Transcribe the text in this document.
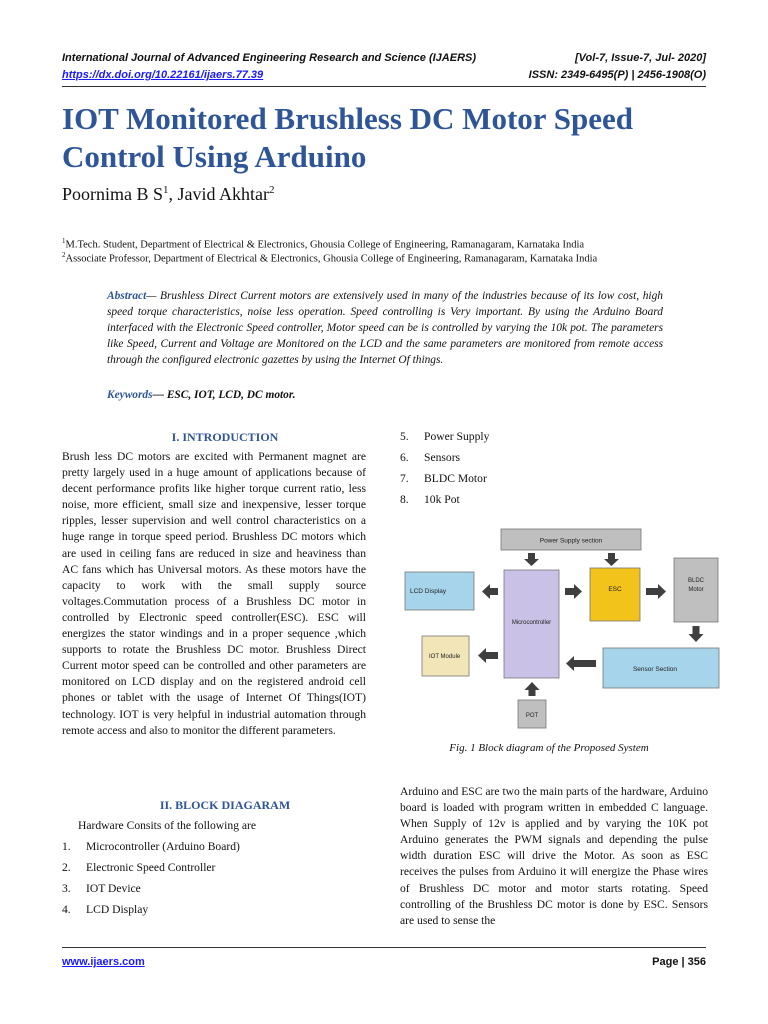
International Journal of Advanced Engineering Research and Science (IJAERS)	[Vol-7, Issue-7, Jul- 2020]
https://dx.doi.org/10.22161/ijaers.77.39	ISSN: 2349-6495(P) | 2456-1908(O)
IOT Monitored Brushless DC Motor Speed Control Using Arduino
Poornima B $S^1$, Javid Akhtar$^2$
$^1$M.Tech. Student, Department of Electrical & Electronics, Ghousia College of Engineering, Ramanagaram, Karnataka India
$^2$Associate Professor, Department of Electrical & Electronics, Ghousia College of Engineering, Ramanagaram, Karnataka India
Abstract— Brushless Direct Current motors are extensively used in many of the industries because of its low cost, high speed torque characteristics, noise less operation. Speed controlling is Very important. By using the Arduino Board interfaced with the Electronic Speed controller, Motor speed can be is controlled by varying the 10k pot. The parameters like Speed, Current and Voltage are Monitored on the LCD and the same parameters are monitored from remote access through the configured electronic gazettes by using the Internet Of things.
Keywords— ESC, IOT, LCD, DC motor.
I. INTRODUCTION
Brush less DC motors are excited with Permanent magnet are pretty largely used in a huge amount of applications because of decent performance profits like higher torque current ratio, less noise, more efficient, small size and inexpensive, lesser torque ripples, lesser supervision and well control characteristics on a huge range in torque speed period. Brushless DC motors which are used in ceiling fans are reduced in size and heaviness than AC fans which has Universal motors. As these motors have the capacity to work with the small supply source voltages.Commutation process of a Brushless DC motor in controlled by Electronic speed controller(ESC). ESC will energizes the stator windings and in a proper sequence ,which supports to rotate the Brushless DC motor. Brushless Direct Current motor speed can be controlled and other parameters are monitored on LCD display and on the registered android cell phones or tablet with the usage of Internet Of Things(IOT) technology. IOT is very helpful in industrial automation through remote access and also to monitor the different parameters.
II. BLOCK DIAGARAM
Hardware Consits of the following are
1. Microcontroller (Arduino Board)
2. Electronic Speed Controller
3. IOT Device
4. LCD Display
5. Power Supply
6. Sensors
7. BLDC Motor
8. 10k Pot
Power Supply section
LCD Display
Microcontroller
ESC
BLDC
Motor
IOT Module
Sensor Section
POT
Fig. 1 Block diagram of the Proposed System
Arduino and ESC are two the main parts of the hardware, Arduino board is loaded with program written in embedded C language. When Supply of 12v is applied and by varying the 10K pot Arduino generates the PWM signals and depending the pulse width duration ESC will drive the Motor. As soon as ESC receives the pulses from Arduino it will energize the Phase wires of Brushless DC motor and motor starts rotating. Speed controlling of the Brushless DC motor is done by ESC. Sensors are used to sense the
www.ijaers.com	Page | 356
